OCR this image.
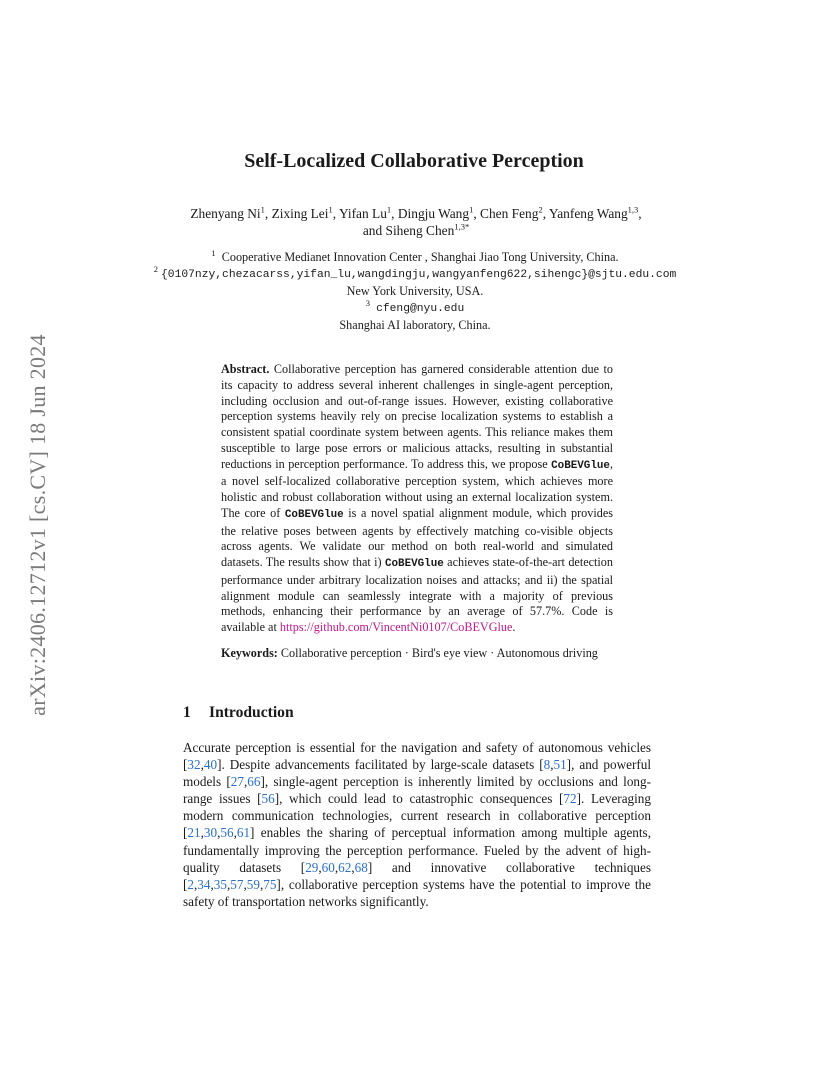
arXiv:2406.12712v1 [cs.CV] 18 Jun 2024
Self-Localized Collaborative Perception
Zhenyang Ni$^1$, Zixing Lei$^1$, Yifan Lu$^1$, Dingju Wang$^1$, Chen Feng$^2$, Yanfeng Wang$^{1,3}$, and Siheng Chen$^{1,3*}$
$^1$ Cooperative Medianet Innovation Center , Shanghai Jiao Tong University, China.
$^2$ {0107nzy,chezacarss,yifan_lu,wangdingju,wangyanfeng622,sihengc}@sjtu.edu.com
New York University, USA.
$^3$  cfeng@nyu.edu
Shanghai AI laboratory, China.
Abstract. Collaborative perception has garnered considerable attention due to its capacity to address several inherent challenges in single-agent perception, including occlusion and out-of-range issues. However, existing collaborative perception systems heavily rely on precise localization systems to establish a consistent spatial coordinate system between agents. This reliance makes them susceptible to large pose errors or malicious attacks, resulting in substantial reductions in perception performance. To address this, we propose CoBEVGlue, a novel self-localized collaborative perception system, which achieves more holistic and robust collaboration without using an external localization system. The core of CoBEVGlue is a novel spatial alignment module, which provides the relative poses between agents by effectively matching co-visible objects across agents. We validate our method on both real-world and simulated datasets. The results show that i) CoBEVGlue achieves state-of-the-art detection performance under arbitrary localization noises and attacks; and ii) the spatial alignment module can seamlessly integrate with a majority of previous methods, enhancing their performance by an average of 57.7%. Code is available at https://github.com/VincentNi0107/CoBEVGlue.
Keywords: Collaborative perception · Bird's eye view · Autonomous driving
1 Introduction
Accurate perception is essential for the navigation and safety of autonomous vehicles [32,40]. Despite advancements facilitated by large-scale datasets [8,51], and powerful models [27,66], single-agent perception is inherently limited by occlusions and long-range issues [56], which could lead to catastrophic consequences [72]. Leveraging modern communication technologies, current research in collaborative perception [21,30,56,61] enables the sharing of perceptual information among multiple agents, fundamentally improving the perception performance. Fueled by the advent of high-quality datasets [29,60,62,68] and innovative collaborative techniques [2,34,35,57,59,75], collaborative perception systems have the potential to improve the safety of transportation networks significantly.
